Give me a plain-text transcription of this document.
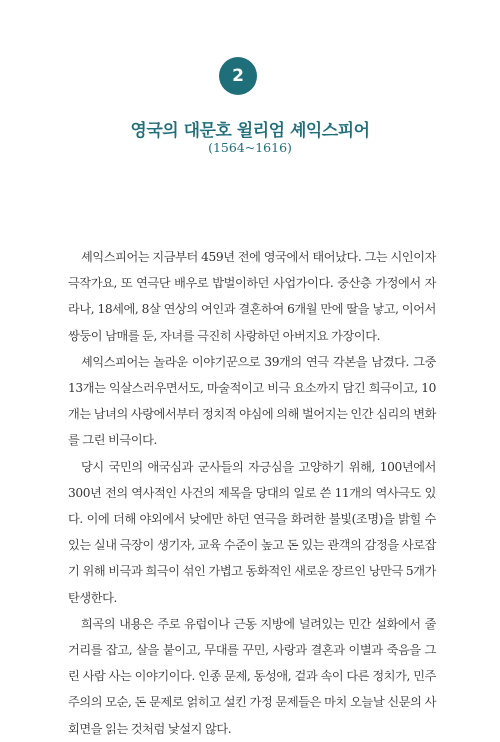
2
영국의 대문호 윌리엄 셰익스피어
(1564~1616)

셰익스피어는 지금부터 459년 전에 영국에서 태어났다. 그는 시인이자 극작가요, 또 연극단 배우로 밥벌이하던 사업가이다. 중산층 가정에서 자라나, 18세에, 8살 연상의 여인과 결혼하여 6개월 만에 딸을 낳고, 이어서 쌍둥이 남매를 둔, 자녀를 극진히 사랑하던 아버지요 가장이다.

셰익스피어는 놀라운 이야기꾼으로 39개의 연극 각본을 남겼다. 그중 13개는 익살스러우면서도, 마술적이고 비극 요소까지 담긴 희극이고, 10개는 남녀의 사랑에서부터 정치적 야심에 의해 벌어지는 인간 심리의 변화를 그린 비극이다.

당시 국민의 애국심과 군사들의 자긍심을 고양하기 위해, 100년에서 300년 전의 역사적인 사건의 제목을 당대의 일로 쓴 11개의 역사극도 있다. 이에 더해 야외에서 낮에만 하던 연극을 화려한 불빛(조명)을 밝힐 수 있는 실내 극장이 생기자, 교육 수준이 높고 돈 있는 관객의 감정을 사로잡기 위해 비극과 희극이 섞인 가볍고 동화적인 새로운 장르인 낭만극 5개가 탄생한다.

희곡의 내용은 주로 유럽이나 근동 지방에 널려있는 민간 설화에서 줄거리를 잡고, 살을 붙이고, 무대를 꾸민, 사랑과 결혼과 이별과 죽음을 그린 사람 사는 이야기이다. 인종 문제, 동성애, 겉과 속이 다른 정치가, 민주주의의 모순, 돈 문제로 얽히고 설킨 가정 문제들은 마치 오늘날 신문의 사회면을 읽는 것처럼 낯설지 않다.
